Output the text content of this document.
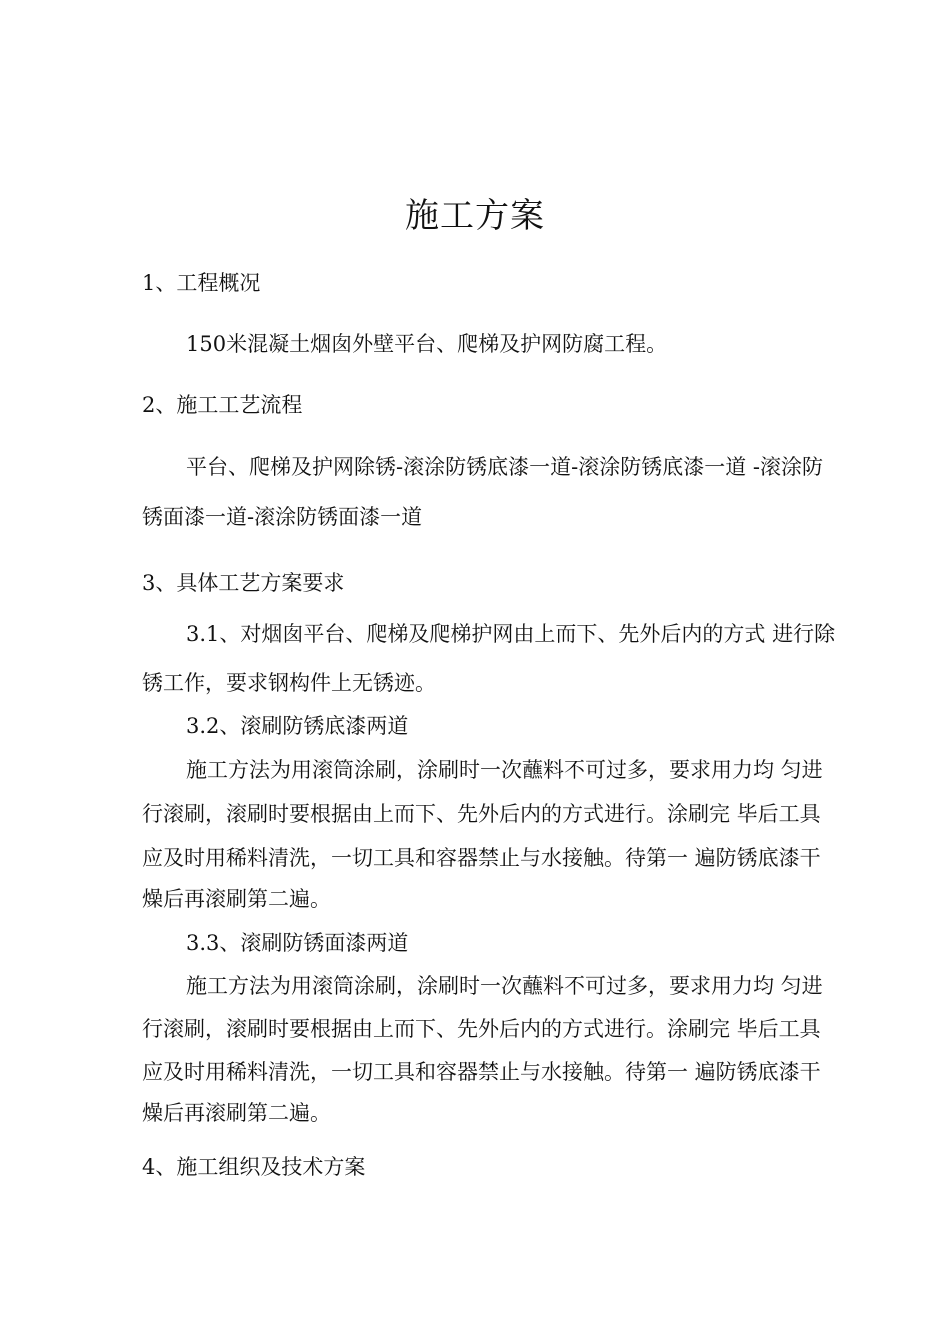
施工方案
1、工程概况
150米混凝土烟囱外壁平台、爬梯及护网防腐工程。
2、施工工艺流程
平台、爬梯及护网除锈-滚涂防锈底漆一道-滚涂防锈底漆一道 -滚涂防
锈面漆一道-滚涂防锈面漆一道
3、具体工艺方案要求
3.1、对烟囱平台、爬梯及爬梯护网由上而下、先外后内的方式 进行除
锈工作，要求钢构件上无锈迹。
3.2、滚刷防锈底漆两道
施工方法为用滚筒涂刷，涂刷时一次蘸料不可过多，要求用力均 匀进
行滚刷，滚刷时要根据由上而下、先外后内的方式进行。涂刷完 毕后工具
应及时用稀料清洗，一切工具和容器禁止与水接触。待第一 遍防锈底漆干
燥后再滚刷第二遍。
3.3、滚刷防锈面漆两道
施工方法为用滚筒涂刷，涂刷时一次蘸料不可过多，要求用力均 匀进
行滚刷，滚刷时要根据由上而下、先外后内的方式进行。涂刷完 毕后工具
应及时用稀料清洗，一切工具和容器禁止与水接触。待第一 遍防锈底漆干
燥后再滚刷第二遍。
4、施工组织及技术方案
